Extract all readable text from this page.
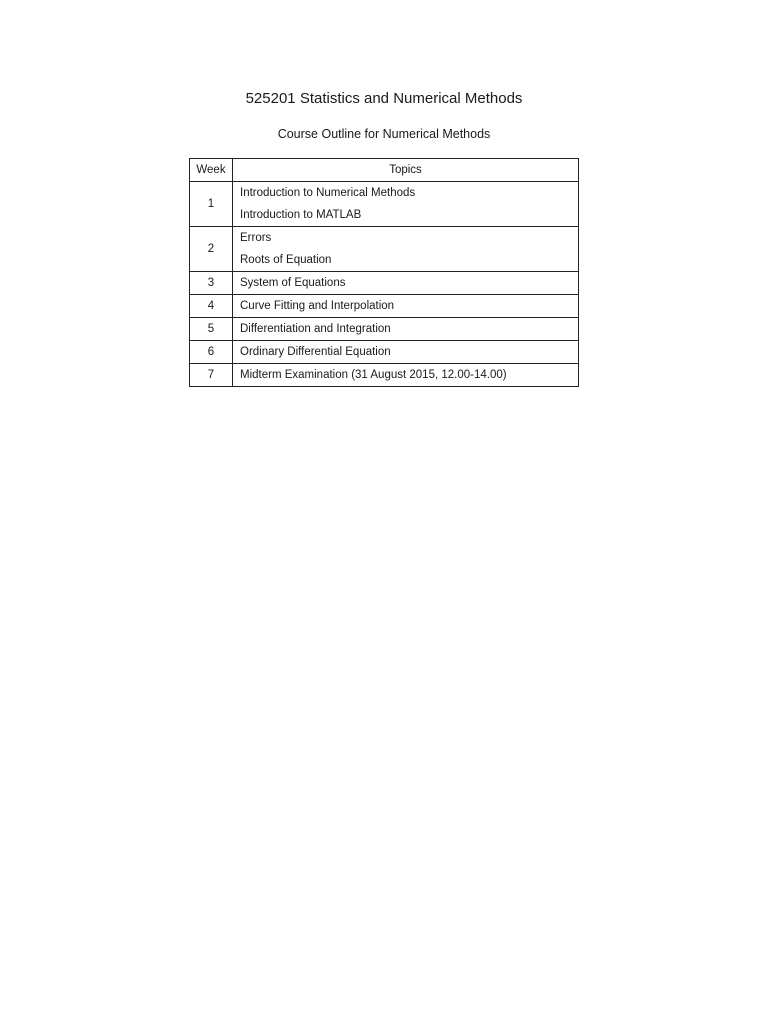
525201 Statistics and Numerical Methods
Course Outline for Numerical Methods
Week	Topics
1	Introduction to Numerical Methods
Introduction to MATLAB

2	Errors
Roots of Equation

3	System of Equations

4	Curve Fitting and Interpolation

5	Differentiation and Integration

6	Ordinary Differential Equation

7	Midterm Examination (31 August 2015, 12.00-14.00)
